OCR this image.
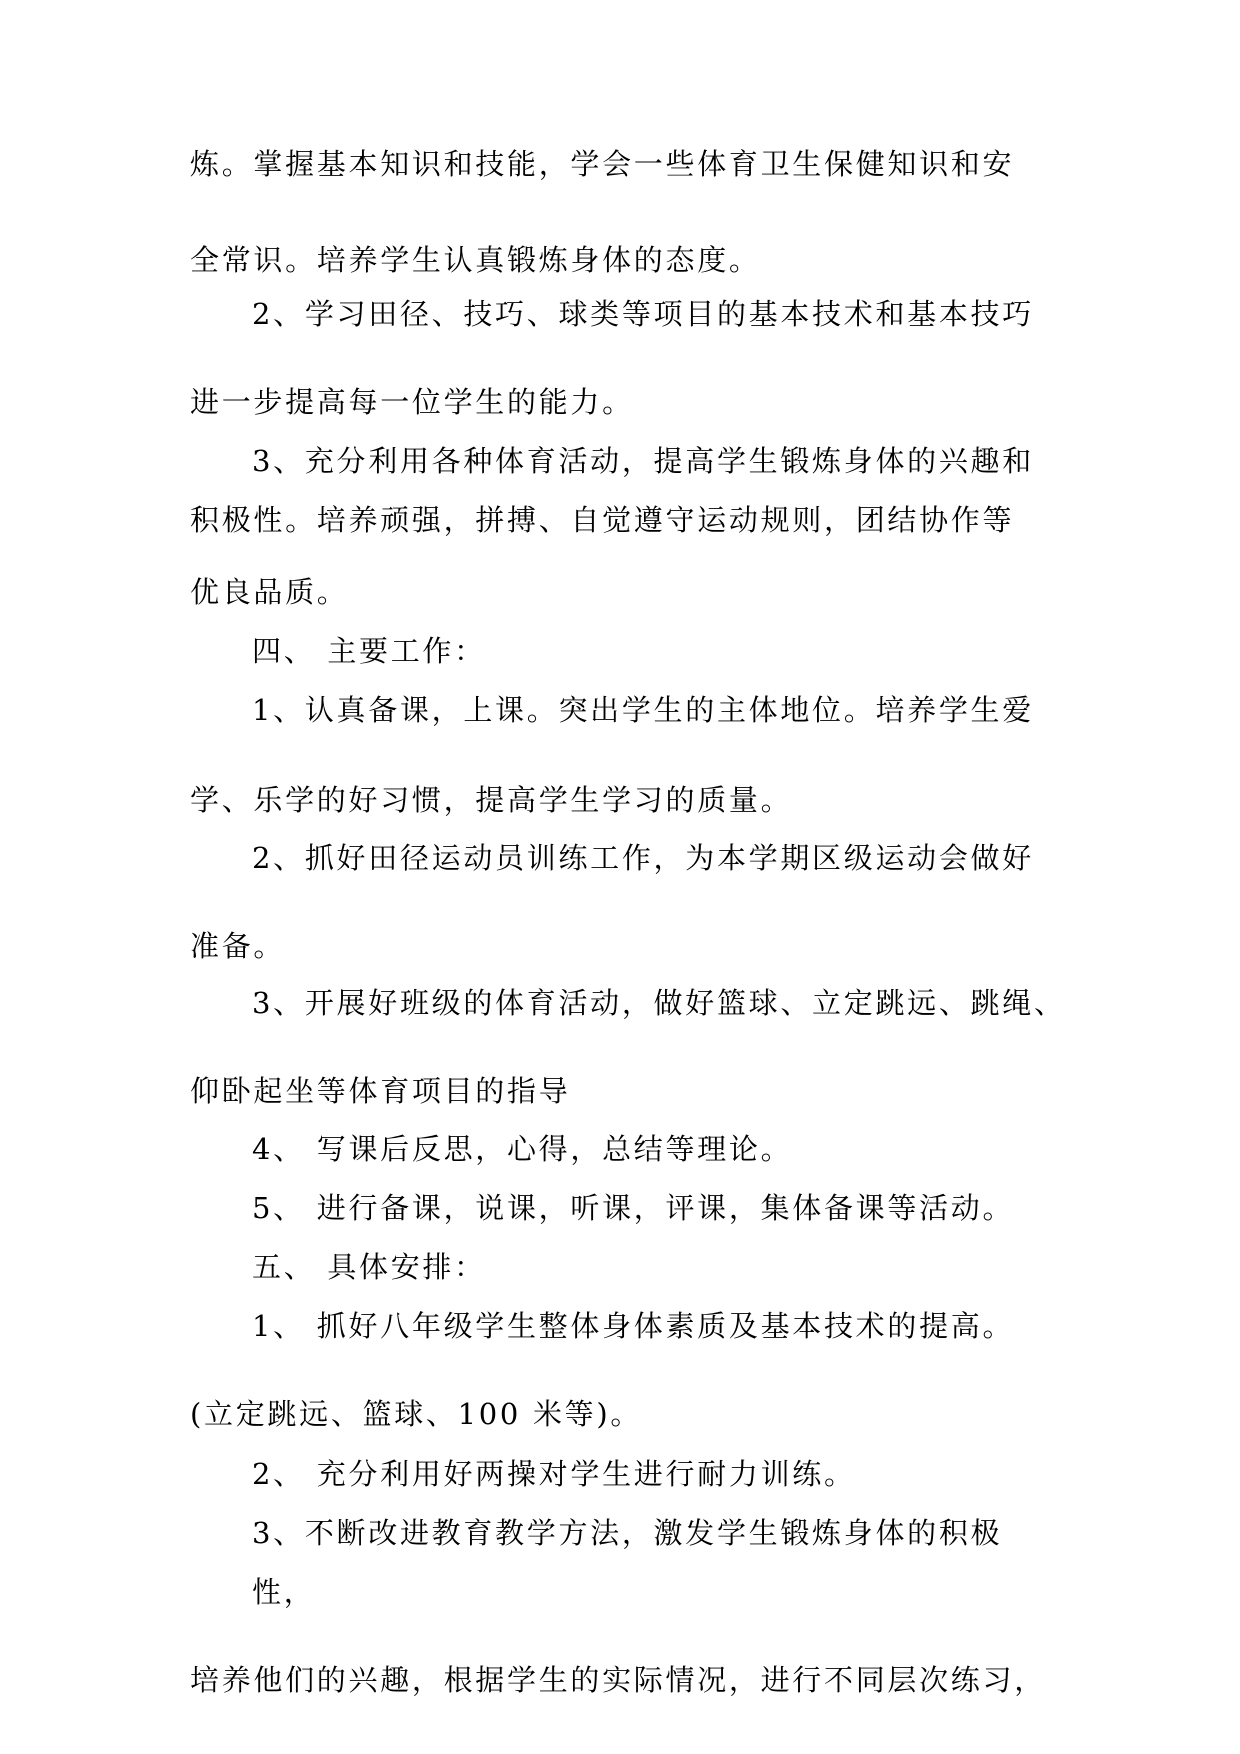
炼。掌握基本知识和技能，学会一些体育卫生保健知识和安
全常识。培养学生认真锻炼身体的态度。
2、学习田径、技巧、球类等项目的基本技术和基本技巧
进一步提高每一位学生的能力。
3、充分利用各种体育活动，提高学生锻炼身体的兴趣和
积极性。培养顽强，拼搏、自觉遵守运动规则，团结协作等
优良品质。
四、 主要工作：
1、认真备课，上课。突出学生的主体地位。培养学生爱
学、乐学的好习惯，提高学生学习的质量。
2、抓好田径运动员训练工作，为本学期区级运动会做好
准备。
3、开展好班级的体育活动，做好篮球、立定跳远、跳绳、
仰卧起坐等体育项目的指导
4、 写课后反思，心得，总结等理论。
5、 进行备课，说课，听课，评课，集体备课等活动。
五、 具体安排：
1、 抓好八年级学生整体身体素质及基本技术的提高。
(立定跳远、篮球、100 米等)。
2、 充分利用好两操对学生进行耐力训练。
3、不断改进教育教学方法，激发学生锻炼身体的积极
性，
培养他们的兴趣，根据学生的实际情况，进行不同层次练习，
